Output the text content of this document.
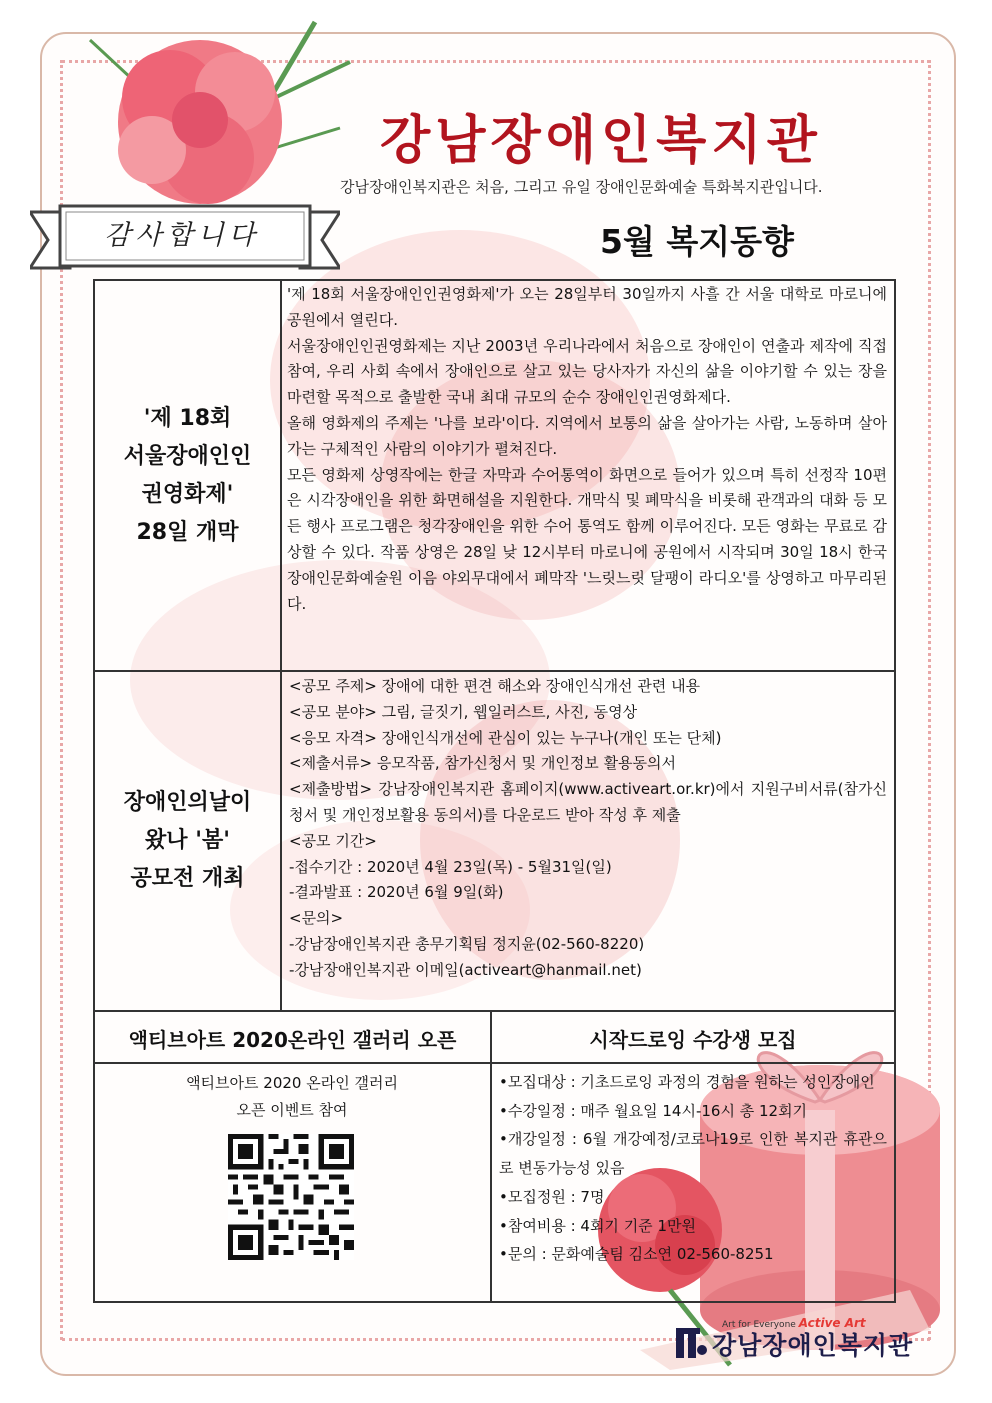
강남장애인복지관
강남장애인복지관은 처음, 그리고 유일 장애인문화예술 특화복지관입니다.
감사합니다	5월 복지동향
'제 18회
서울장애인인
권영화제'
28일 개막

'제 18회 서울장애인인권영화제'가 오는 28일부터 30일까지 사흘 간 서울 대학로 마로니에공원에서 열린다.

서울장애인인권영화제는 지난 2003년 우리나라에서 처음으로 장애인이 연출과 제작에 직접 참여, 우리 사회 속에서 장애인으로 살고 있는 당사자가 자신의 삶을 이야기할 수 있는 장을 마련할 목적으로 출발한 국내 최대 규모의 순수 장애인인권영화제다.

올해 영화제의 주제는 '나를 보라'이다. 지역에서 보통의 삶을 살아가는 사람, 노동하며 살아가는 구체적인 사람의 이야기가 펼쳐진다.

모든 영화제 상영작에는 한글 자막과 수어통역이 화면으로 들어가 있으며 특히 선정작 10편은 시각장애인을 위한 화면해설을 지원한다. 개막식 및 폐막식을 비롯해 관객과의 대화 등 모든 행사 프로그램은 청각장애인을 위한 수어 통역도 함께 이루어진다. 모든 영화는 무료로 감상할 수 있다. 작품 상영은 28일 낮 12시부터 마로니에 공원에서 시작되며 30일 18시 한국장애인문화예술원 이음 야외무대에서 폐막작 '느릿느릿 달팽이 라디오'를 상영하고 마무리된다.

장애인의날이
왔나 '봄'
공모전 개최

<공모 주제> 장애에 대한 편견 해소와 장애인식개선 관련 내용

<공모 분야> 그림, 글짓기, 웹일러스트, 사진, 동영상

<응모 자격> 장애인식개선에 관심이 있는 누구나(개인 또는 단체)

<제출서류> 응모작품, 참가신청서 및 개인정보 활용동의서

<제출방법> 강남장애인복지관 홈페이지(www.activeart.or.kr)에서 지원구비서류(참가신청서 및 개인정보활용 동의서)를 다운로드 받아 작성 후 제출

<공모 기간>

-접수기간 : 2020년 4월 23일(목) - 5월31일(일)

-결과발표 : 2020년 6월 9일(화)

<문의>

-강남장애인복지관 총무기획팀 정지윤(02-560-8220)

-강남장애인복지관 이메일(activeart@hanmail.net)

액티브아트 2020온라인 갤러리 오픈	시작드로잉 수강생 모집
액티브아트 2020 온라인 갤러리
오픈 이벤트 참여

•모집대상 : 기초드로잉 과정의 경험을 원하는 성인장애인

•수강일정 : 매주 월요일 14시-16시 총 12회기

•개강일정 : 6월 개강예정/코로나19로 인한 복지관 휴관으로 변동가능성 있음

•모집정원 : 7명

•참여비용 : 4회기 기준 1만원

•문의 : 문화예술팀 김소연 02-560-8251

Art for Everyone Active Art
강남장애인복지관
